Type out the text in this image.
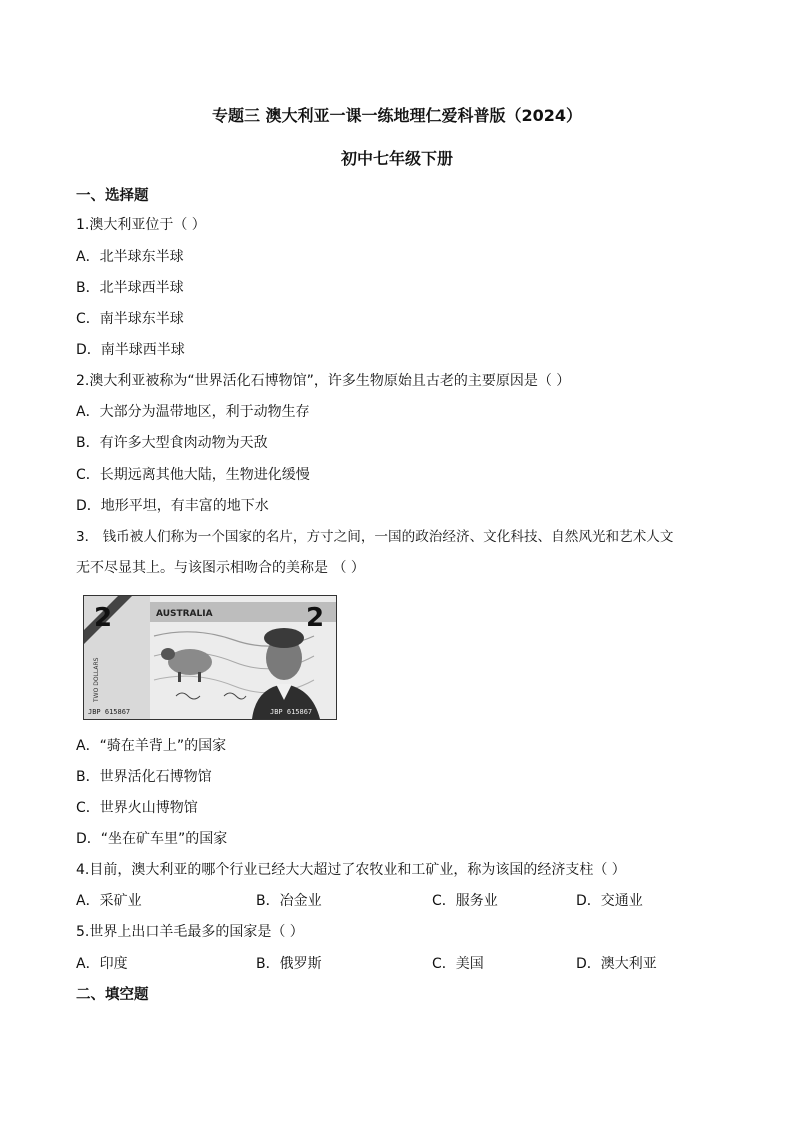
专题三 澳大利亚一课一练地理仁爱科普版（2024）
初中七年级下册
一、选择题
1.澳大利亚位于（ ）
A．北半球东半球
B．北半球西半球
C．南半球东半球
D．南半球西半球
2.澳大利亚被称为“世界活化石博物馆”，许多生物原始且古老的主要原因是（ ）
A．大部分为温带地区，利于动物生存
B．有许多大型食肉动物为天敌
C．长期远离其他大陆，生物进化缓慢
D．地形平坦，有丰富的地下水
3． 钱币被人们称为一个国家的名片，方寸之间，一国的政治经济、文化科技、自然风光和艺术人文
无不尽显其上。与该图示相吻合的美称是 （ ）
AUSTRALIA
2	2
TWO DOLLARS
JBP 615867	JBP 615867
A．“骑在羊背上”的国家
B．世界活化石博物馆
C．世界火山博物馆
D．“坐在矿车里”的国家
4.目前，澳大利亚的哪个行业已经大大超过了农牧业和工矿业，称为该国的经济支柱（ ）
A．采矿业	B．冶金业	C．服务业	D．交通业
5.世界上出口羊毛最多的国家是（ ）
A．印度	B．俄罗斯	C．美国	D．澳大利亚
二、填空题
